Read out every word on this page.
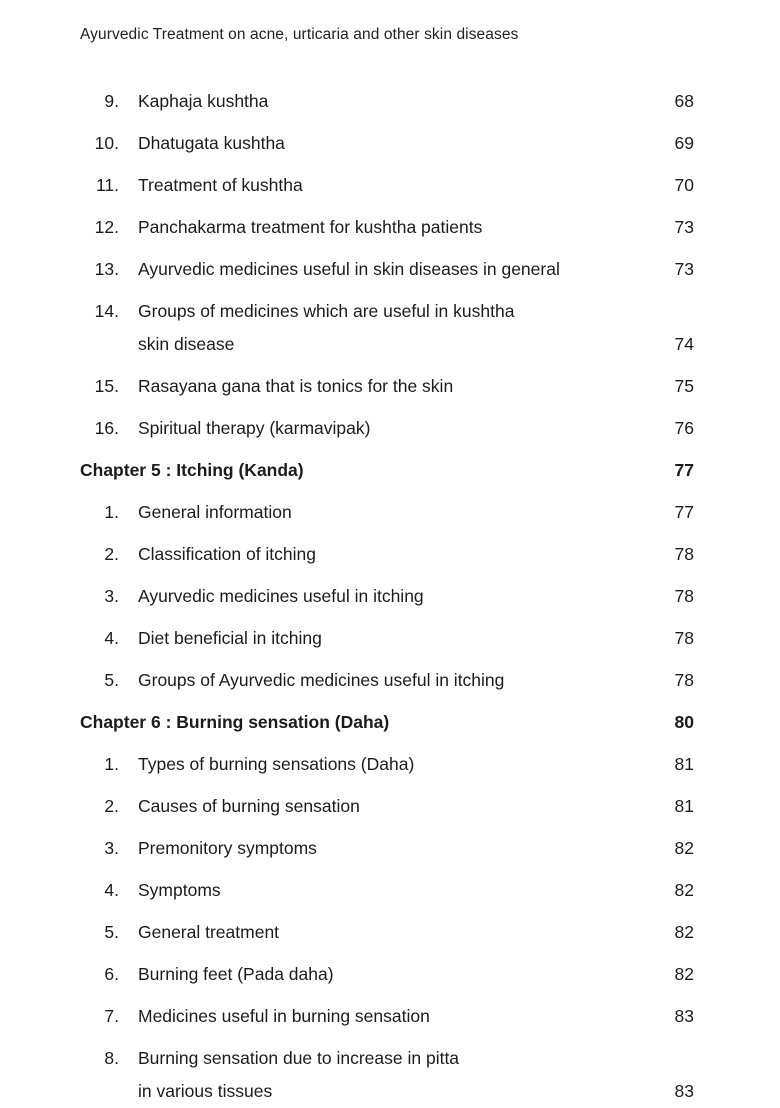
Ayurvedic Treatment on acne, urticaria and other skin diseases
9.	Kaphaja kushtha	68
10.	Dhatugata kushtha	69
11.	Treatment of kushtha	70
12.	Panchakarma treatment for kushtha patients	73
13.	Ayurvedic medicines useful in skin diseases in general	73
14. Groups of medicines which are useful in kushtha
skin disease	74
15.	Rasayana gana that is tonics for the skin	75
16.	Spiritual therapy (karmavipak)	76
Chapter 5 : Itching (Kanda)	77
1.	General information	77
2.	Classification of itching	78
3.	Ayurvedic medicines useful in itching	78
4.	Diet beneficial in itching	78
5.	Groups of Ayurvedic medicines useful in itching	78
Chapter 6 : Burning sensation (Daha)	80
1.	Types of burning sensations (Daha)	81
2.	Causes of burning sensation	81
3.	Premonitory symptoms	82
4.	Symptoms	82
5.	General treatment	82
6.	Burning feet (Pada daha)	82
7.	Medicines useful in burning sensation	83
8. Burning sensation due to increase in pitta
in various tissues	83
